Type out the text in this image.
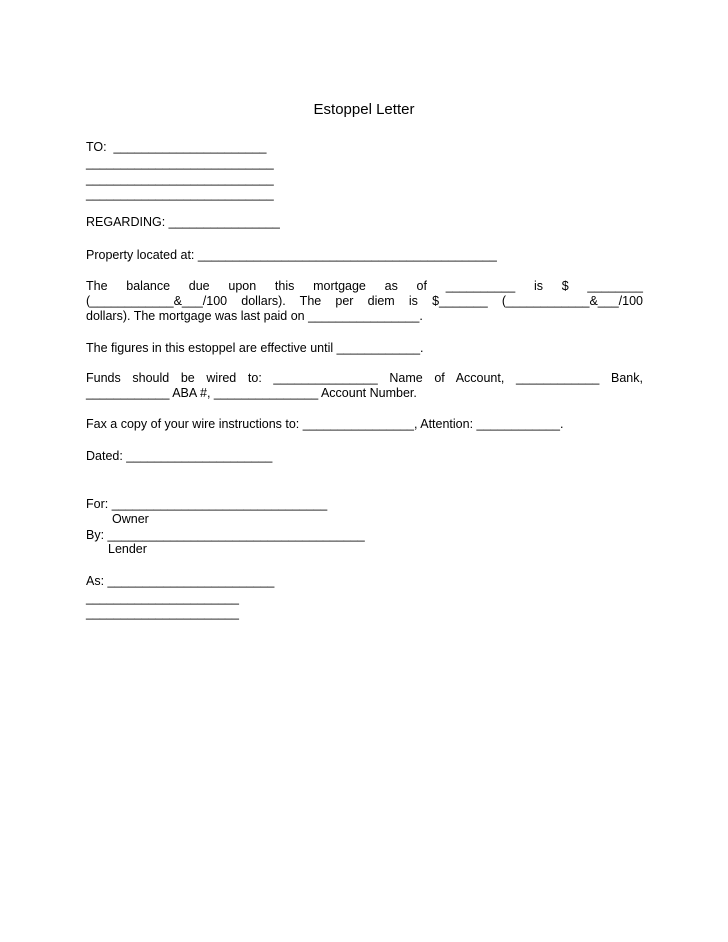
Estoppel Letter
TO:  ______________________
___________________________
___________________________
___________________________
REGARDING: ________________
Property located at: ___________________________________________
The balance due upon this mortgage as of __________ is $ ________
(____________&___/100 dollars). The per diem is $_______ (____________&___/100
dollars). The mortgage was last paid on ________________.
The figures in this estoppel are effective until ____________.
Funds should be wired to: _______________ Name of Account, ____________ Bank,
____________ ABA #, _______________ Account Number.
Fax a copy of your wire instructions to: ________________, Attention: ____________.
Dated: _____________________
For: _______________________________
Owner
By: _____________________________________
Lender
As: ________________________
______________________
______________________
